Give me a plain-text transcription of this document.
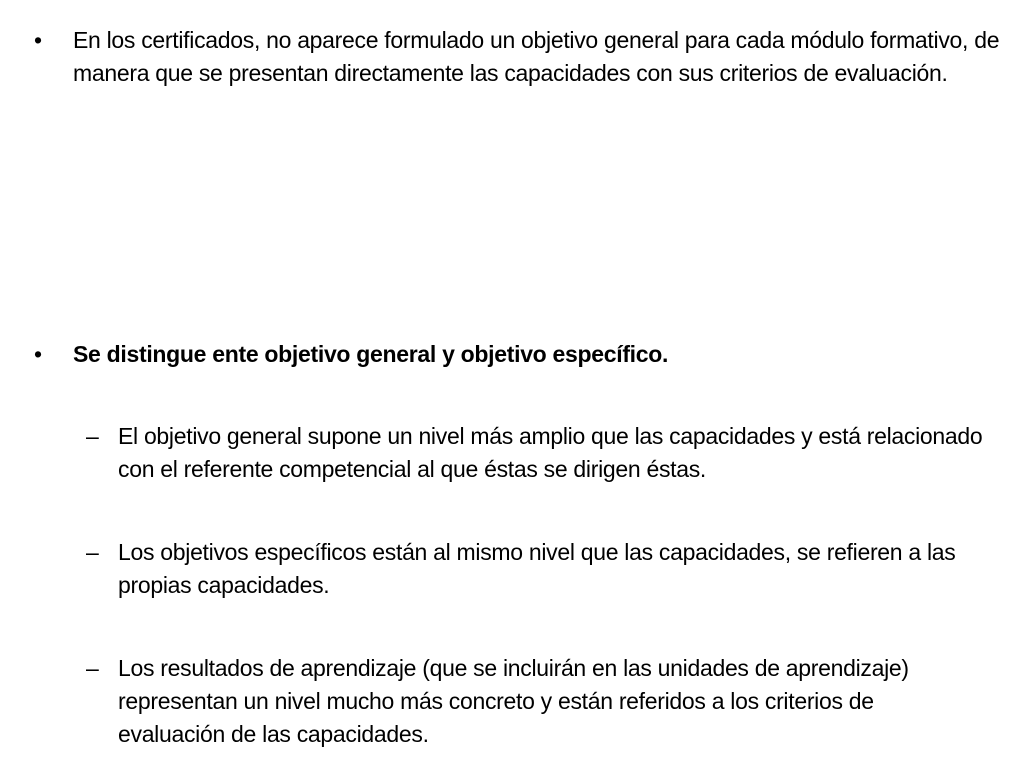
• En los certificados, no aparece formulado un objetivo general para cada módulo formativo, de manera que se presentan directamente las capacidades con sus criterios de evaluación.
• Se distingue ente objetivo general y objetivo específico.
– El objetivo general supone un nivel más amplio que las capacidades y está relacionado con el referente competencial al que éstas se dirigen éstas.
– Los objetivos específicos están al mismo nivel que las capacidades, se refieren a las propias capacidades.
– Los resultados de aprendizaje (que se incluirán en las unidades de aprendizaje) representan un nivel mucho más concreto y están referidos a los criterios de evaluación de las capacidades.
